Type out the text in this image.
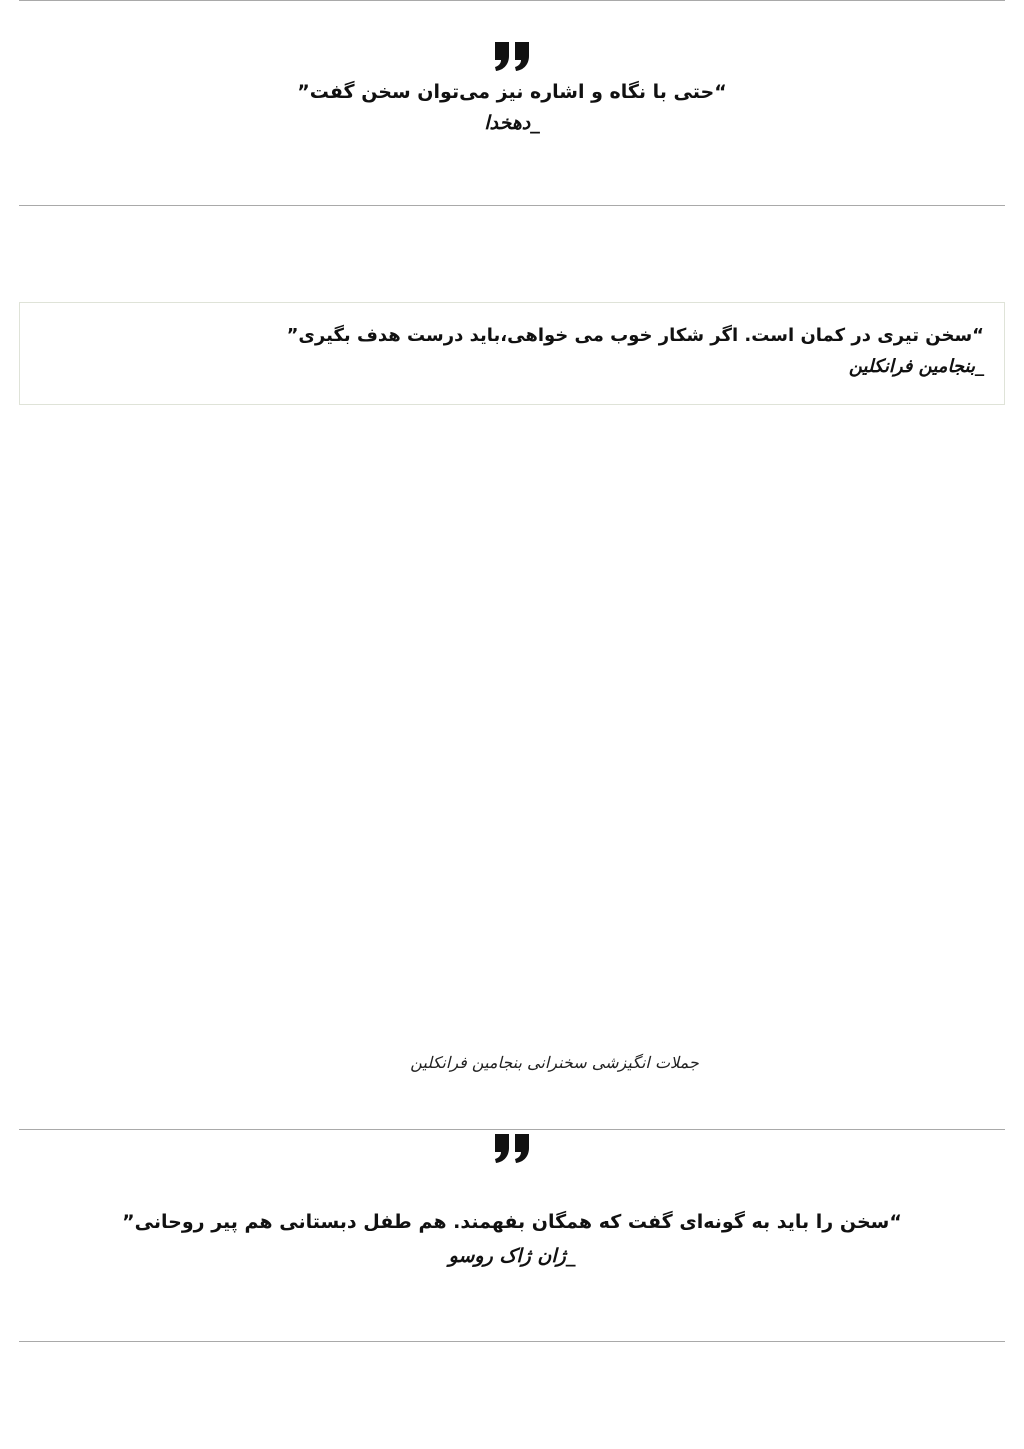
“حتی با نگاه و اشاره نیز می‌توان سخن گفت”
_دهخدا
“سخن تیری در کمان است. اگر شکار خوب می خواهی،باید درست هدف بگیری”
_بنجامین فرانکلین
جملات انگیزشی سخنرانی بنجامین فرانکلین
“سخن را باید به گونه‌ای گفت که همگان بفهمند. هم طفل دبستانی هم پیر روحانی”
_ژان ژاک روسو
